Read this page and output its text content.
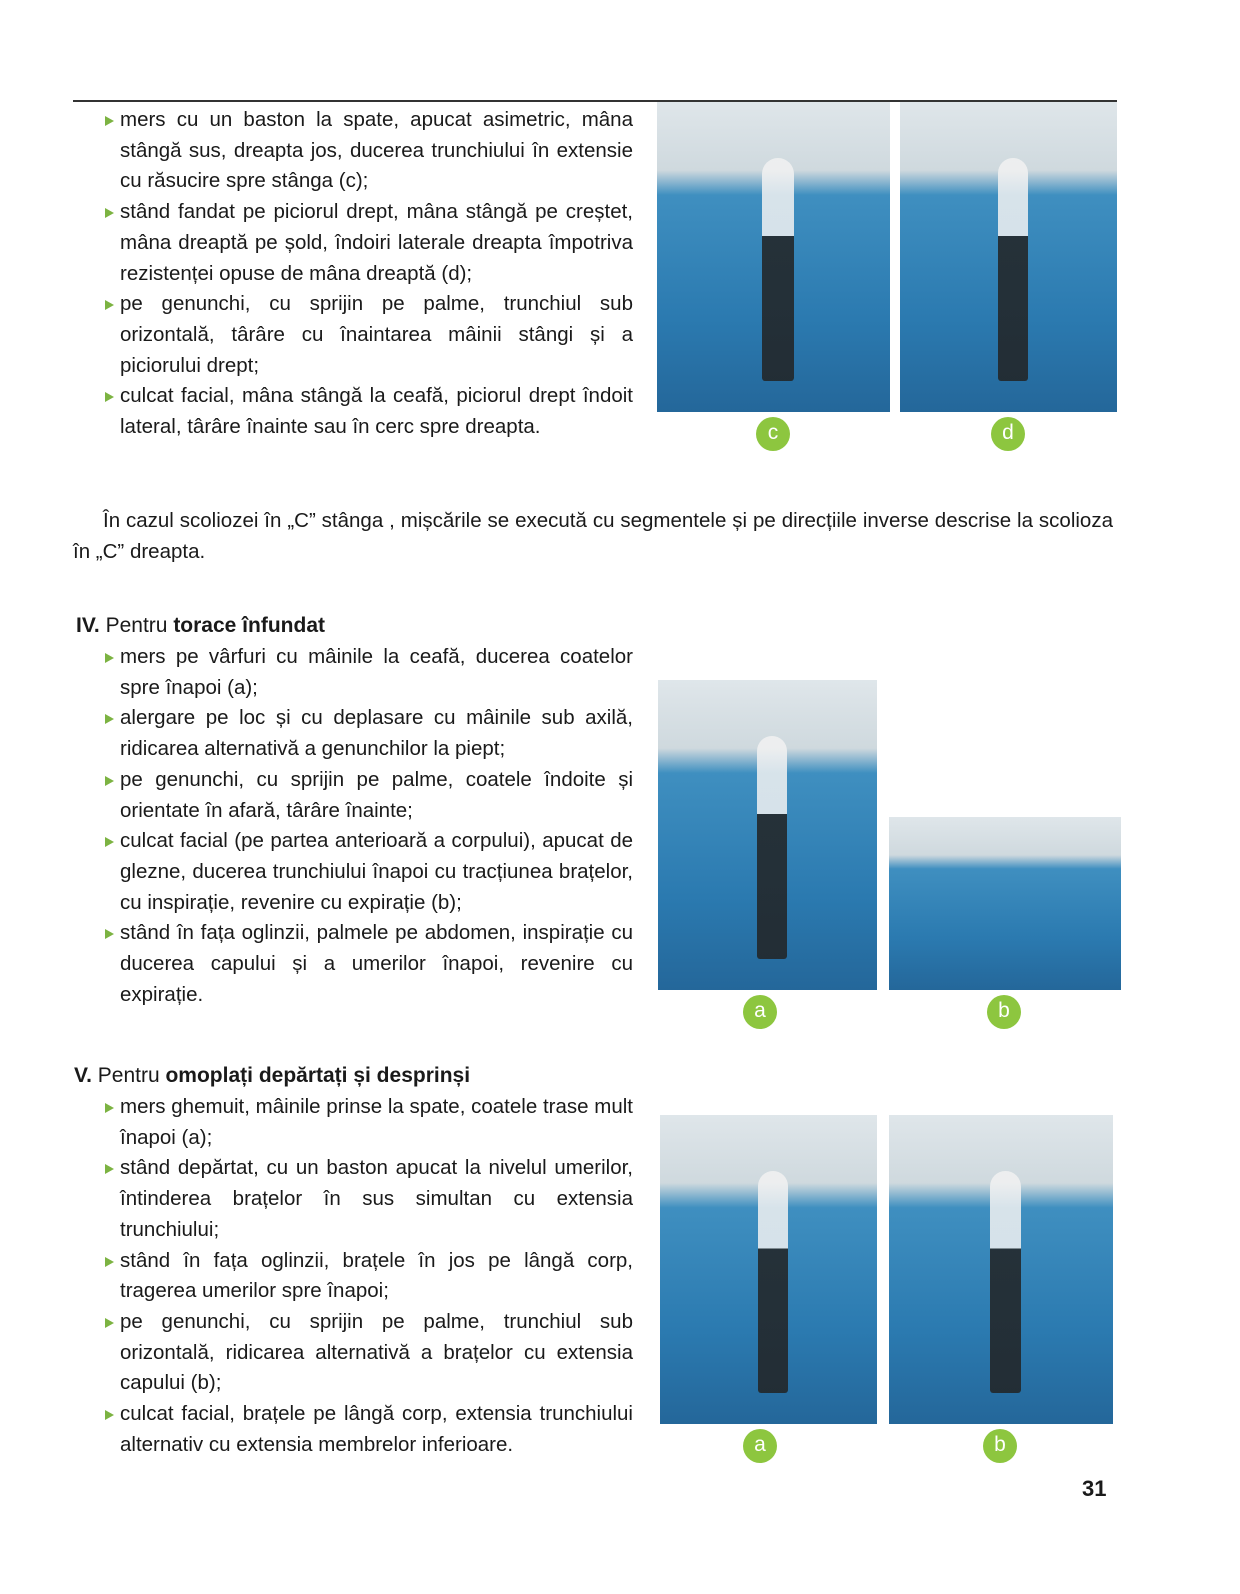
mers cu un baston la spate, apucat asimetric, mâna stângă sus, dreapta jos, ducerea trunchiului în extensie cu răsucire spre stânga (c);

stând fandat pe piciorul drept, mâna stângă pe creștet, mâna dreaptă pe șold, îndoiri laterale dreapta împotriva rezistenței opuse de mâna dreaptă (d);

pe genunchi, cu sprijin pe palme, trunchiul sub orizontală, târâre cu înaintarea mâinii stângi și a piciorului drept;

culcat facial, mâna stângă la ceafă, piciorul drept îndoit lateral, târâre înainte sau în cerc spre dreapta.	c	d

În cazul scoliozei în „C” stânga , mișcările se execută cu segmentele și pe direcțiile inverse descrise la scolioza în „C” dreapta.

IV. Pentru torace înfundat

mers pe vârfuri cu mâinile la ceafă, ducerea coatelor spre înapoi (a);

alergare pe loc și cu deplasare cu mâinile sub axilă, ridicarea alternativă a genunchilor la piept;

pe genunchi, cu sprijin pe palme, coatele îndoite și orientate în afară, târâre înainte;

culcat facial (pe partea anterioară a corpului), apucat de glezne, ducerea trunchiului înapoi cu tracțiunea brațelor, cu inspirație, revenire cu expirație (b);

stând în fața oglinzii, palmele pe abdomen, inspirație cu ducerea capului și a umerilor înapoi, revenire cu expirație.

a	b
V. Pentru omoplați depărtați și desprinși

mers ghemuit, mâinile prinse la spate, coatele trase mult înapoi (a);

stând depărtat, cu un baston apucat la nivelul umerilor, întinderea brațelor în sus simultan cu extensia trunchiului;

stând în fața oglinzii, brațele în jos pe lângă corp, tragerea umerilor spre înapoi;

pe genunchi, cu sprijin pe palme, trunchiul sub orizontală, ridicarea alternativă a brațelor cu extensia capului (b);

culcat facial, brațele pe lângă corp, extensia trunchiului alternativ cu extensia membrelor inferioare.	a	b
31
